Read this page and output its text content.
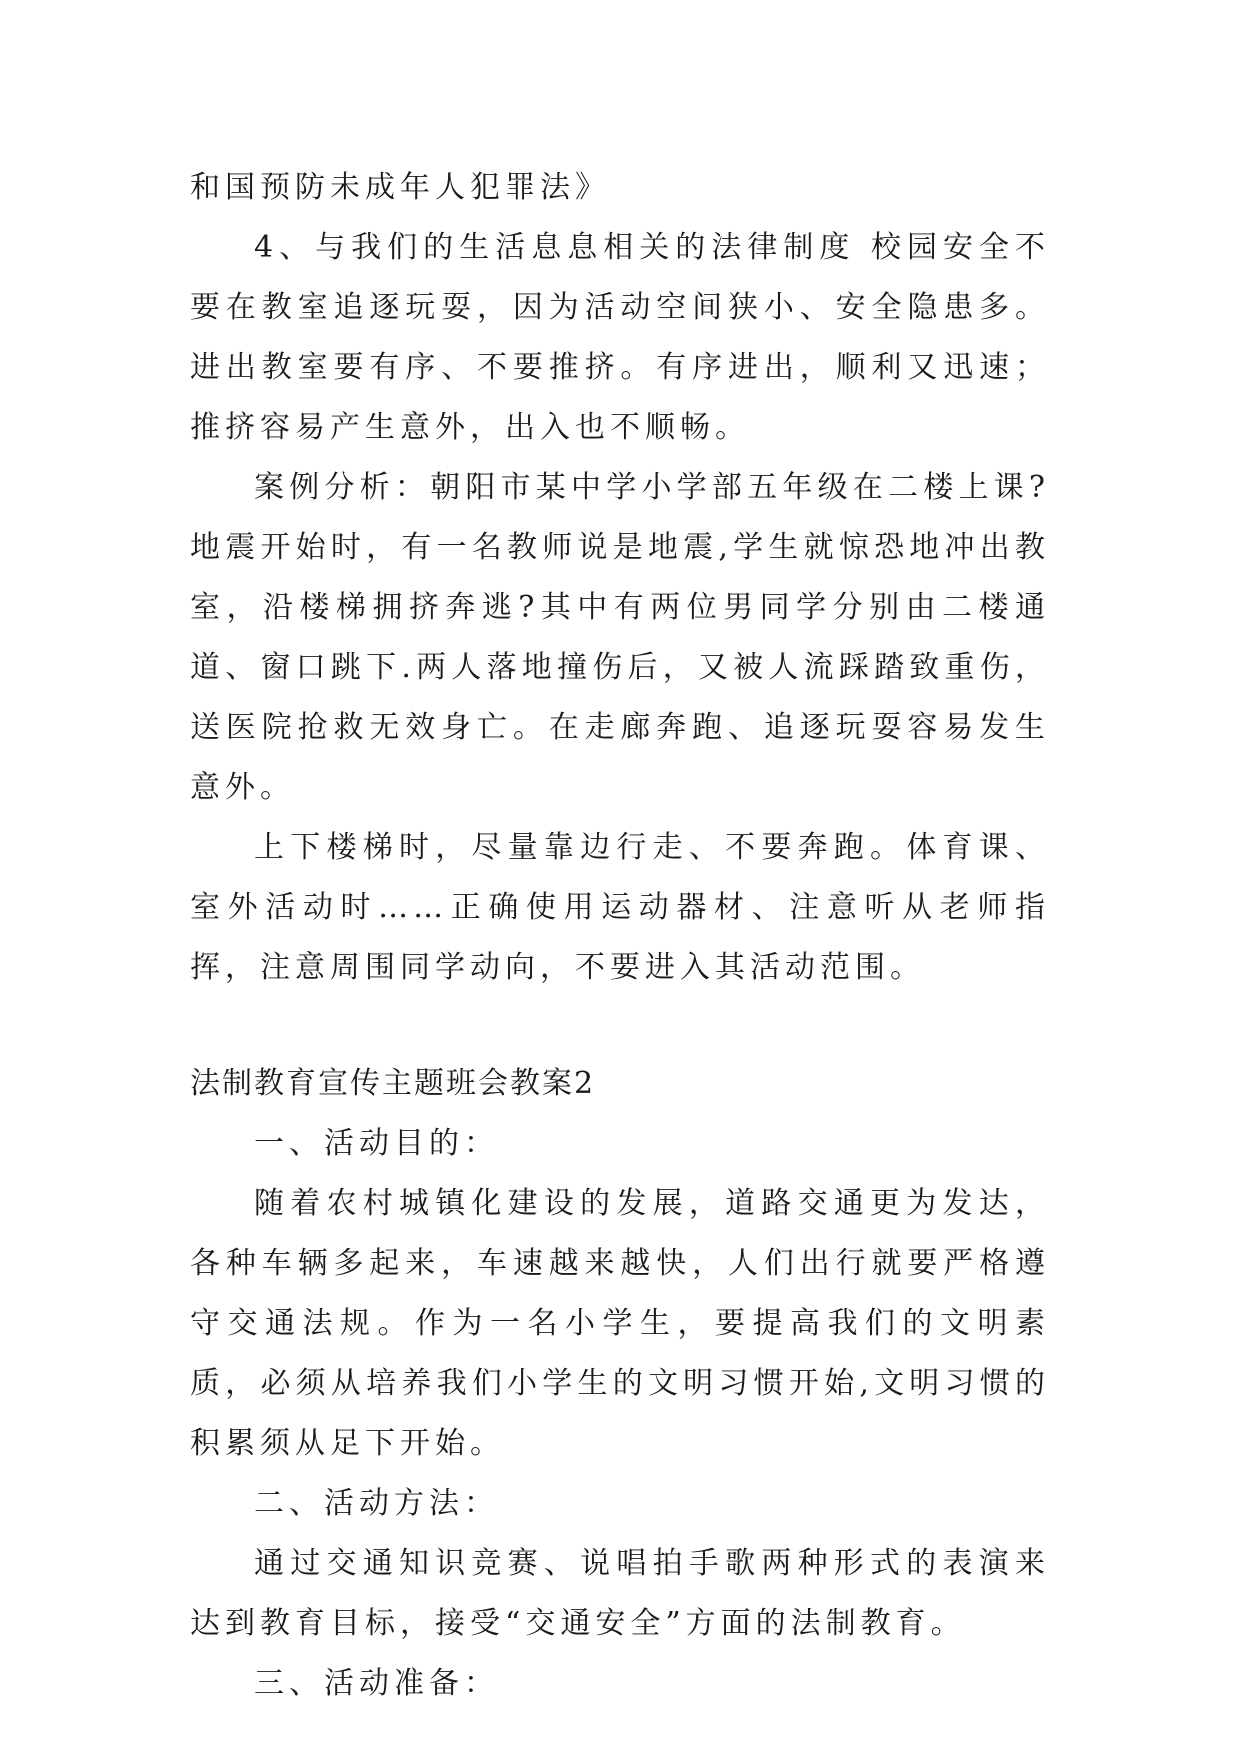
和国预防未成年人犯罪法》

4、与我们的生活息息相关的法律制度 校园安全不要在教室追逐玩耍，因为活动空间狭小、安全隐患多。进出教室要有序、不要推挤。有序进出，顺利又迅速；推挤容易产生意外，出入也不顺畅。

案例分析：朝阳市某中学小学部五年级在二楼上课?地震开始时，有一名教师说是地震,学生就惊恐地冲出教室，沿楼梯拥挤奔逃?其中有两位男同学分别由二楼通道、窗口跳下.两人落地撞伤后，又被人流踩踏致重伤，送医院抢救无效身亡。在走廊奔跑、追逐玩耍容易发生意外。

上下楼梯时，尽量靠边行走、不要奔跑。体育课、室外活动时……正确使用运动器材、注意听从老师指挥，注意周围同学动向，不要进入其活动范围。

法制教育宣传主题班会教案2

一、活动目的：

随着农村城镇化建设的发展，道路交通更为发达，各种车辆多起来，车速越来越快，人们出行就要严格遵守交通法规。作为一名小学生，要提高我们的文明素质，必须从培养我们小学生的文明习惯开始,文明习惯的积累须从足下开始。

二、活动方法：

通过交通知识竞赛、说唱拍手歌两种形式的表演来达到教育目标，接受“交通安全”方面的法制教育。

三、活动准备：
